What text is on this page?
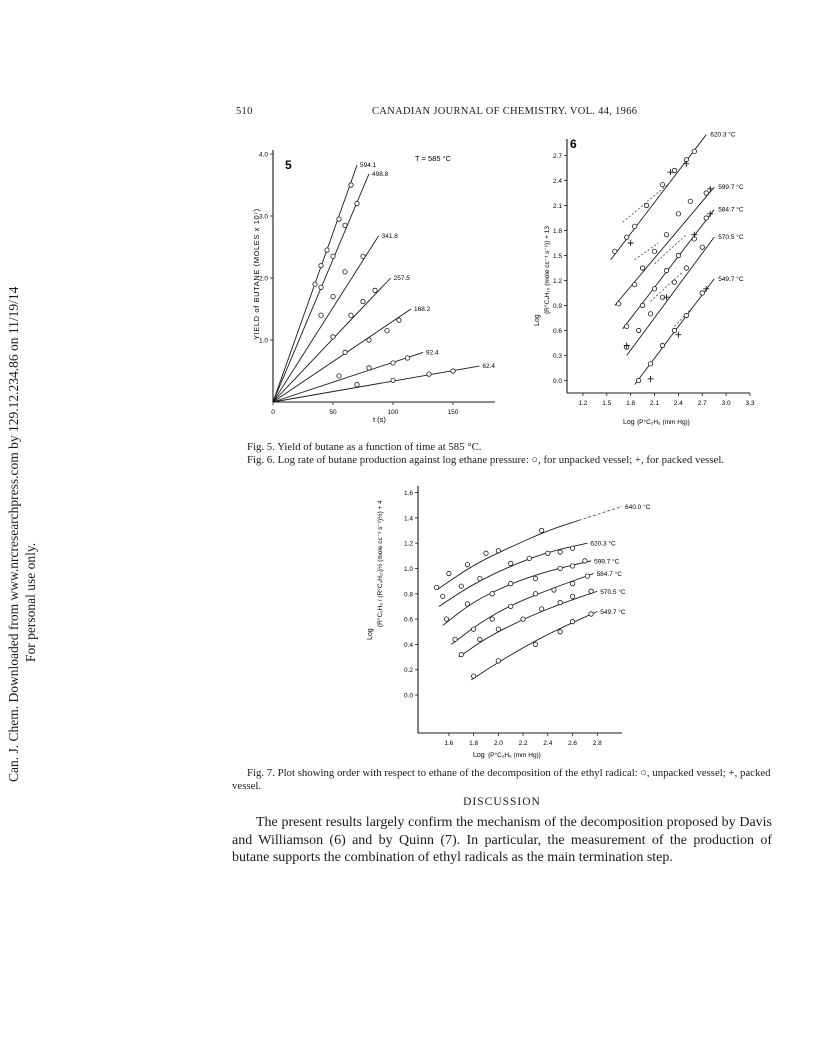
Can. J. Chem. Downloaded from www.nrcresearchpress.com by 129.12.234.86 on 11/19/14 For personal use only.
510	CANADIAN JOURNAL OF CHEMISTRY. VOL. 44, 1966
0	50	100	150
1.0
2.0
3.0
4.0
594.1
498.8
341.8
257.5
168.2
92.4
62.4
5	T = 585 °C
YIELD of BUTANE (MOLES x 10⁷)
t (s)
1.2 1.5 1.8 2.1 2.4 2.7 3.0 3.3
0.0
0.3
0.6
0.9
1.2
1.5
1.8
2.1
2.4
2.7
620.3 °C
599.7 °C
584.7 °C
570.5 °C
549.7 °C
6
Log
{R°C₄H₁₀ (mole cc⁻¹ s⁻¹)} + 13
Log {P°C₂H₆ (mm Hg)}
Fig. 5. Yield of butane as a function of time at 585 °C.
Fig. 6. Log rate of butane production against log ethane pressure: ○, for unpacked vessel; +, for packed vessel.
1.6 1.8 2.0 2.2 2.4 2.6 2.8
0.0
0.2
0.4
0.6
0.8
1.0
1.2
1.4
1.6
640.0 °C
620.3 °C
599.7 °C
584.7 °C
570.5 °C
549.7 °C
Log
(R°C₂H₆ / (R°C₄H₁₀)½ (mole cc⁻¹ s⁻¹)½) + 4
Log {P°C₂H₆ (mm Hg)}
Fig. 7. Plot showing order with respect to ethane of the decomposition of the ethyl radical: ○, unpacked vessel; +, packed vessel.
DISCUSSION

The present results largely confirm the mechanism of the decomposition proposed by Davis and Williamson (6) and by Quinn (7). In particular, the measurement of the production of butane supports the combination of ethyl radicals as the main termination step.
